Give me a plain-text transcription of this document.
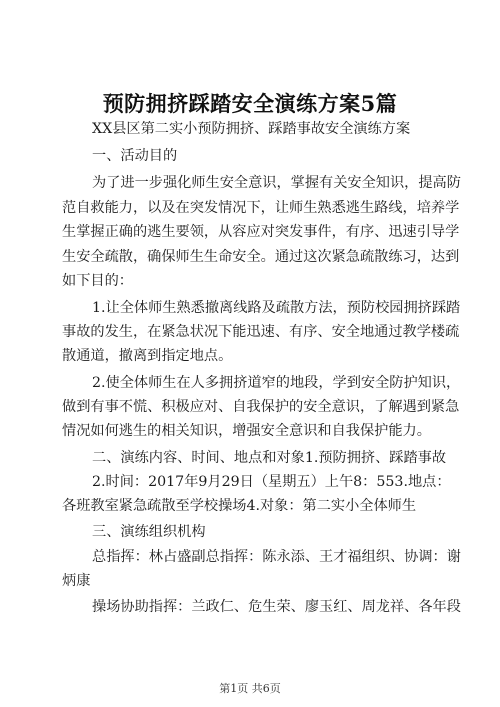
预防拥挤踩踏安全演练方案5篇
XX县区第二实小预防拥挤、踩踏事故安全演练方案
一、活动目的
为了进一步强化师生安全意识，掌握有关安全知识，提高防
范自救能力，以及在突发情况下，让师生熟悉逃生路线，培养学
生掌握正确的逃生要领，从容应对突发事件，有序、迅速引导学
生安全疏散，确保师生生命安全。通过这次紧急疏散练习，达到
如下目的：
1.让全体师生熟悉撤离线路及疏散方法，预防校园拥挤踩踏
事故的发生，在紧急状况下能迅速、有序、安全地通过教学楼疏
散通道，撤离到指定地点。
2.使全体师生在人多拥挤道窄的地段，学到安全防护知识，
做到有事不慌、积极应对、自我保护的安全意识，了解遇到紧急
情况如何逃生的相关知识，增强安全意识和自我保护能力。
二、演练内容、时间、地点和对象1.预防拥挤、踩踏事故
2.时间：2017年9月29日（星期五）上午8：553.地点：
各班教室紧急疏散至学校操场4.对象：第二实小全体师生
三、演练组织机构
总指挥：林占盛副总指挥：陈永添、王才福组织、协调：谢
炳康
操场协助指挥：兰政仁、危生荣、廖玉红、周龙祥、各年段
第1页 共6页
